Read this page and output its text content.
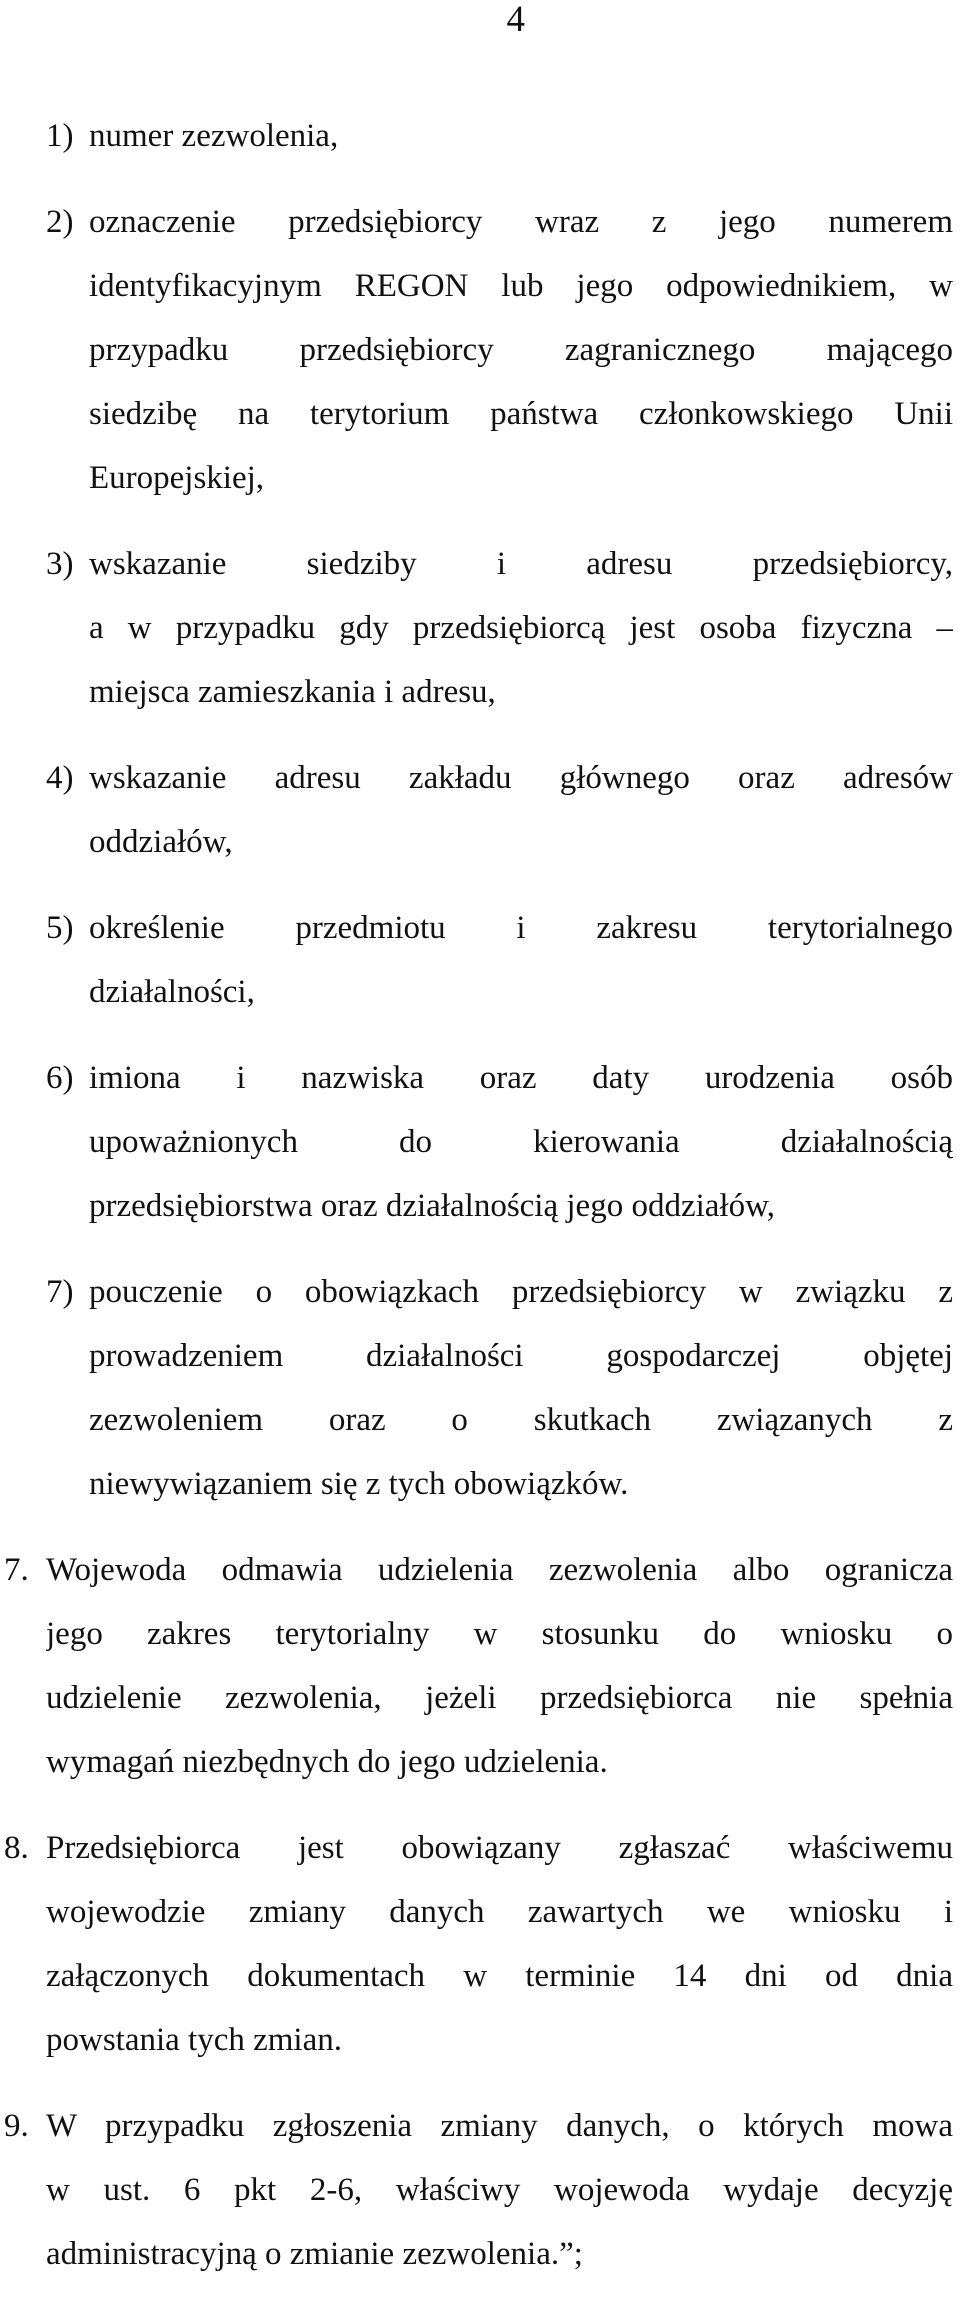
4
1) numer zezwolenia,
2) oznaczenie przedsiębiorcy wraz z jego numerem
identyfikacyjnym REGON lub jego odpowiednikiem, w
przypadku przedsiębiorcy zagranicznego mającego
siedzibę na terytorium państwa członkowskiego Unii
Europejskiej,
3) wskazanie siedziby i adresu przedsiębiorcy,
a w przypadku gdy przedsiębiorcą jest osoba fizyczna –
miejsca zamieszkania i adresu,
4) wskazanie adresu zakładu głównego oraz adresów
oddziałów,
5) określenie przedmiotu i zakresu terytorialnego
działalności,
6) imiona i nazwiska oraz daty urodzenia osób
upoważnionych do kierowania działalnością
przedsiębiorstwa oraz działalnością jego oddziałów,
7) pouczenie o obowiązkach przedsiębiorcy w związku z
prowadzeniem działalności gospodarczej objętej
zezwoleniem oraz o skutkach związanych z
niewywiązaniem się z tych obowiązków.
7. Wojewoda odmawia udzielenia zezwolenia albo ogranicza
jego zakres terytorialny w stosunku do wniosku o
udzielenie zezwolenia, jeżeli przedsiębiorca nie spełnia
wymagań niezbędnych do jego udzielenia.
8. Przedsiębiorca jest obowiązany zgłaszać właściwemu
wojewodzie zmiany danych zawartych we wniosku i
załączonych dokumentach w terminie 14 dni od dnia
powstania tych zmian.
9. W przypadku zgłoszenia zmiany danych, o których mowa
w ust. 6 pkt 2-6, właściwy wojewoda wydaje decyzję
administracyjną o zmianie zezwolenia.”;
